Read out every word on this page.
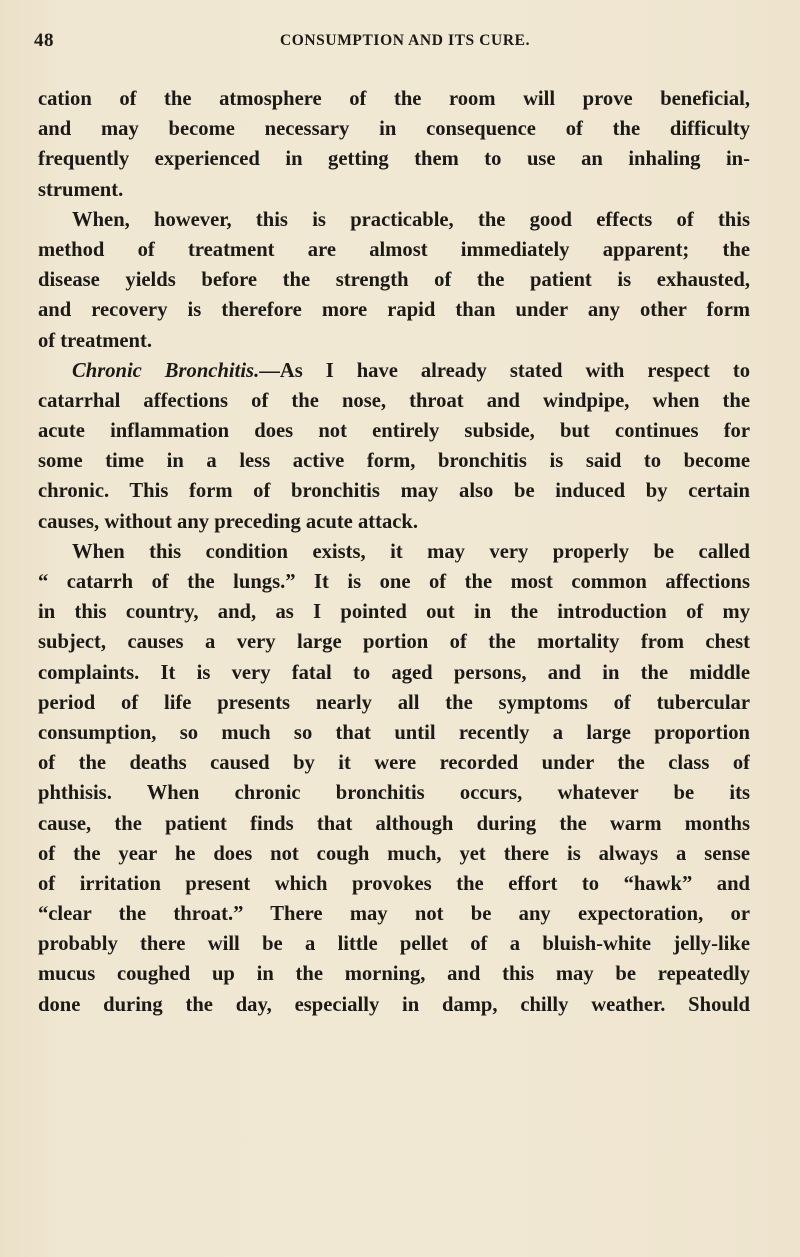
48	CONSUMPTION AND ITS CURE.
cation of the atmosphere of the room will prove beneficial,
and may become necessary in consequence of the difficulty
frequently experienced in getting them to use an inhaling in-
strument.
When, however, this is practicable, the good effects of this
method of treatment are almost immediately apparent; the
disease yields before the strength of the patient is exhausted,
and recovery is therefore more rapid than under any other form
of treatment.
Chronic Bronchitis.—As I have already stated with respect to
catarrhal affections of the nose, throat and windpipe, when the
acute inflammation does not entirely subside, but continues for
some time in a less active form, bronchitis is said to become
chronic. This form of bronchitis may also be induced by certain
causes, without any preceding acute attack.
When this condition exists, it may very properly be called
“ catarrh of the lungs.” It is one of the most common affections
in this country, and, as I pointed out in the introduction of my
subject, causes a very large portion of the mortality from chest
complaints. It is very fatal to aged persons, and in the middle
period of life presents nearly all the symptoms of tubercular
consumption, so much so that until recently a large proportion
of the deaths caused by it were recorded under the class of
phthisis. When chronic bronchitis occurs, whatever be its
cause, the patient finds that although during the warm months
of the year he does not cough much, yet there is always a sense
of irritation present which provokes the effort to “hawk” and
“clear the throat.” There may not be any expectoration, or
probably there will be a little pellet of a bluish-white jelly-like
mucus coughed up in the morning, and this may be repeatedly
done during the day, especially in damp, chilly weather. Should
